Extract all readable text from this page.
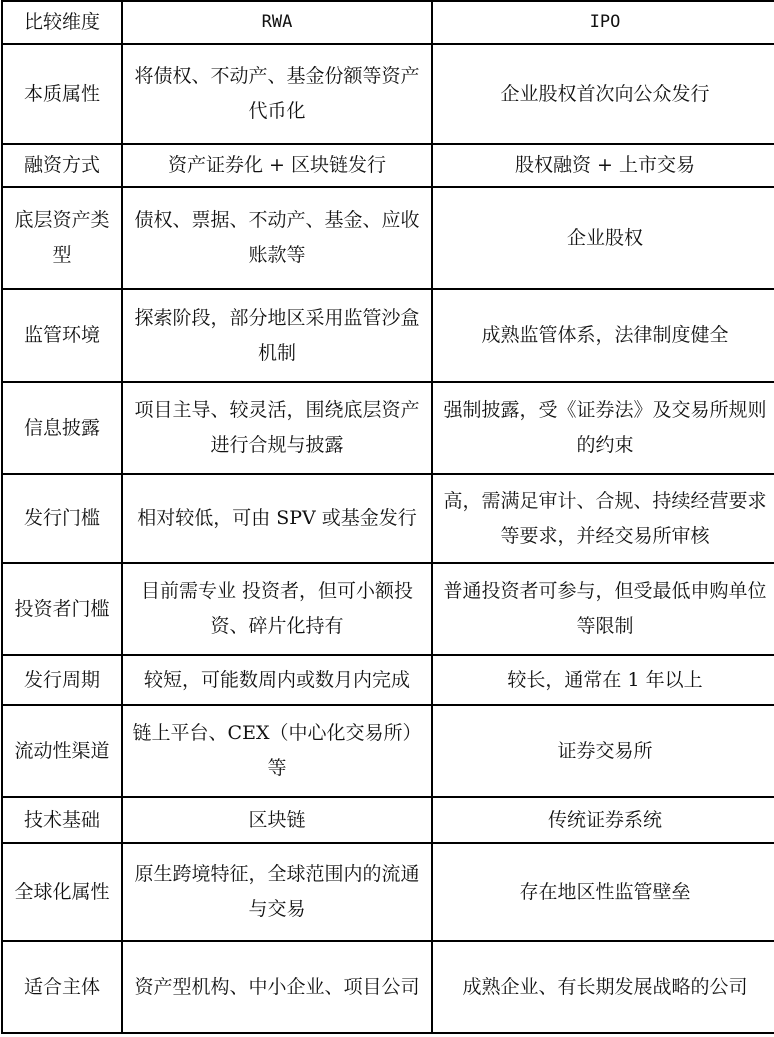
比较维度	RWA	IPO
本质属性	将债权、不动产、基金份额等资产代币化	企业股权首次向公众发行
融资方式	资产证券化 + 区块链发行	股权融资 + 上市交易
底层资产类型	债权、票据、不动产、基金、应收账款等	企业股权
监管环境	探索阶段，部分地区采用监管沙盒机制	成熟监管体系，法律制度健全
信息披露	项目主导、较灵活，围绕底层资产进行合规与披露	强制披露，受《证券法》及交易所规则的约束
发行门槛	相对较低，可由 SPV 或基金发行	高，需满足审计、合规、持续经营要求等要求，并经交易所审核
投资者门槛	目前需专业 投资者，但可小额投资、碎片化持有	普通投资者可参与，但受最低申购单位等限制
发行周期	较短，可能数周内或数月内完成	较长，通常在 1 年以上
流动性渠道	链上平台、CEX（中心化交易所）等	证券交易所
技术基础	区块链	传统证券系统
全球化属性	原生跨境特征，全球范围内的流通与交易	存在地区性监管壁垒
适合主体	资产型机构、中小企业、项目公司	成熟企业、有长期发展战略的公司
